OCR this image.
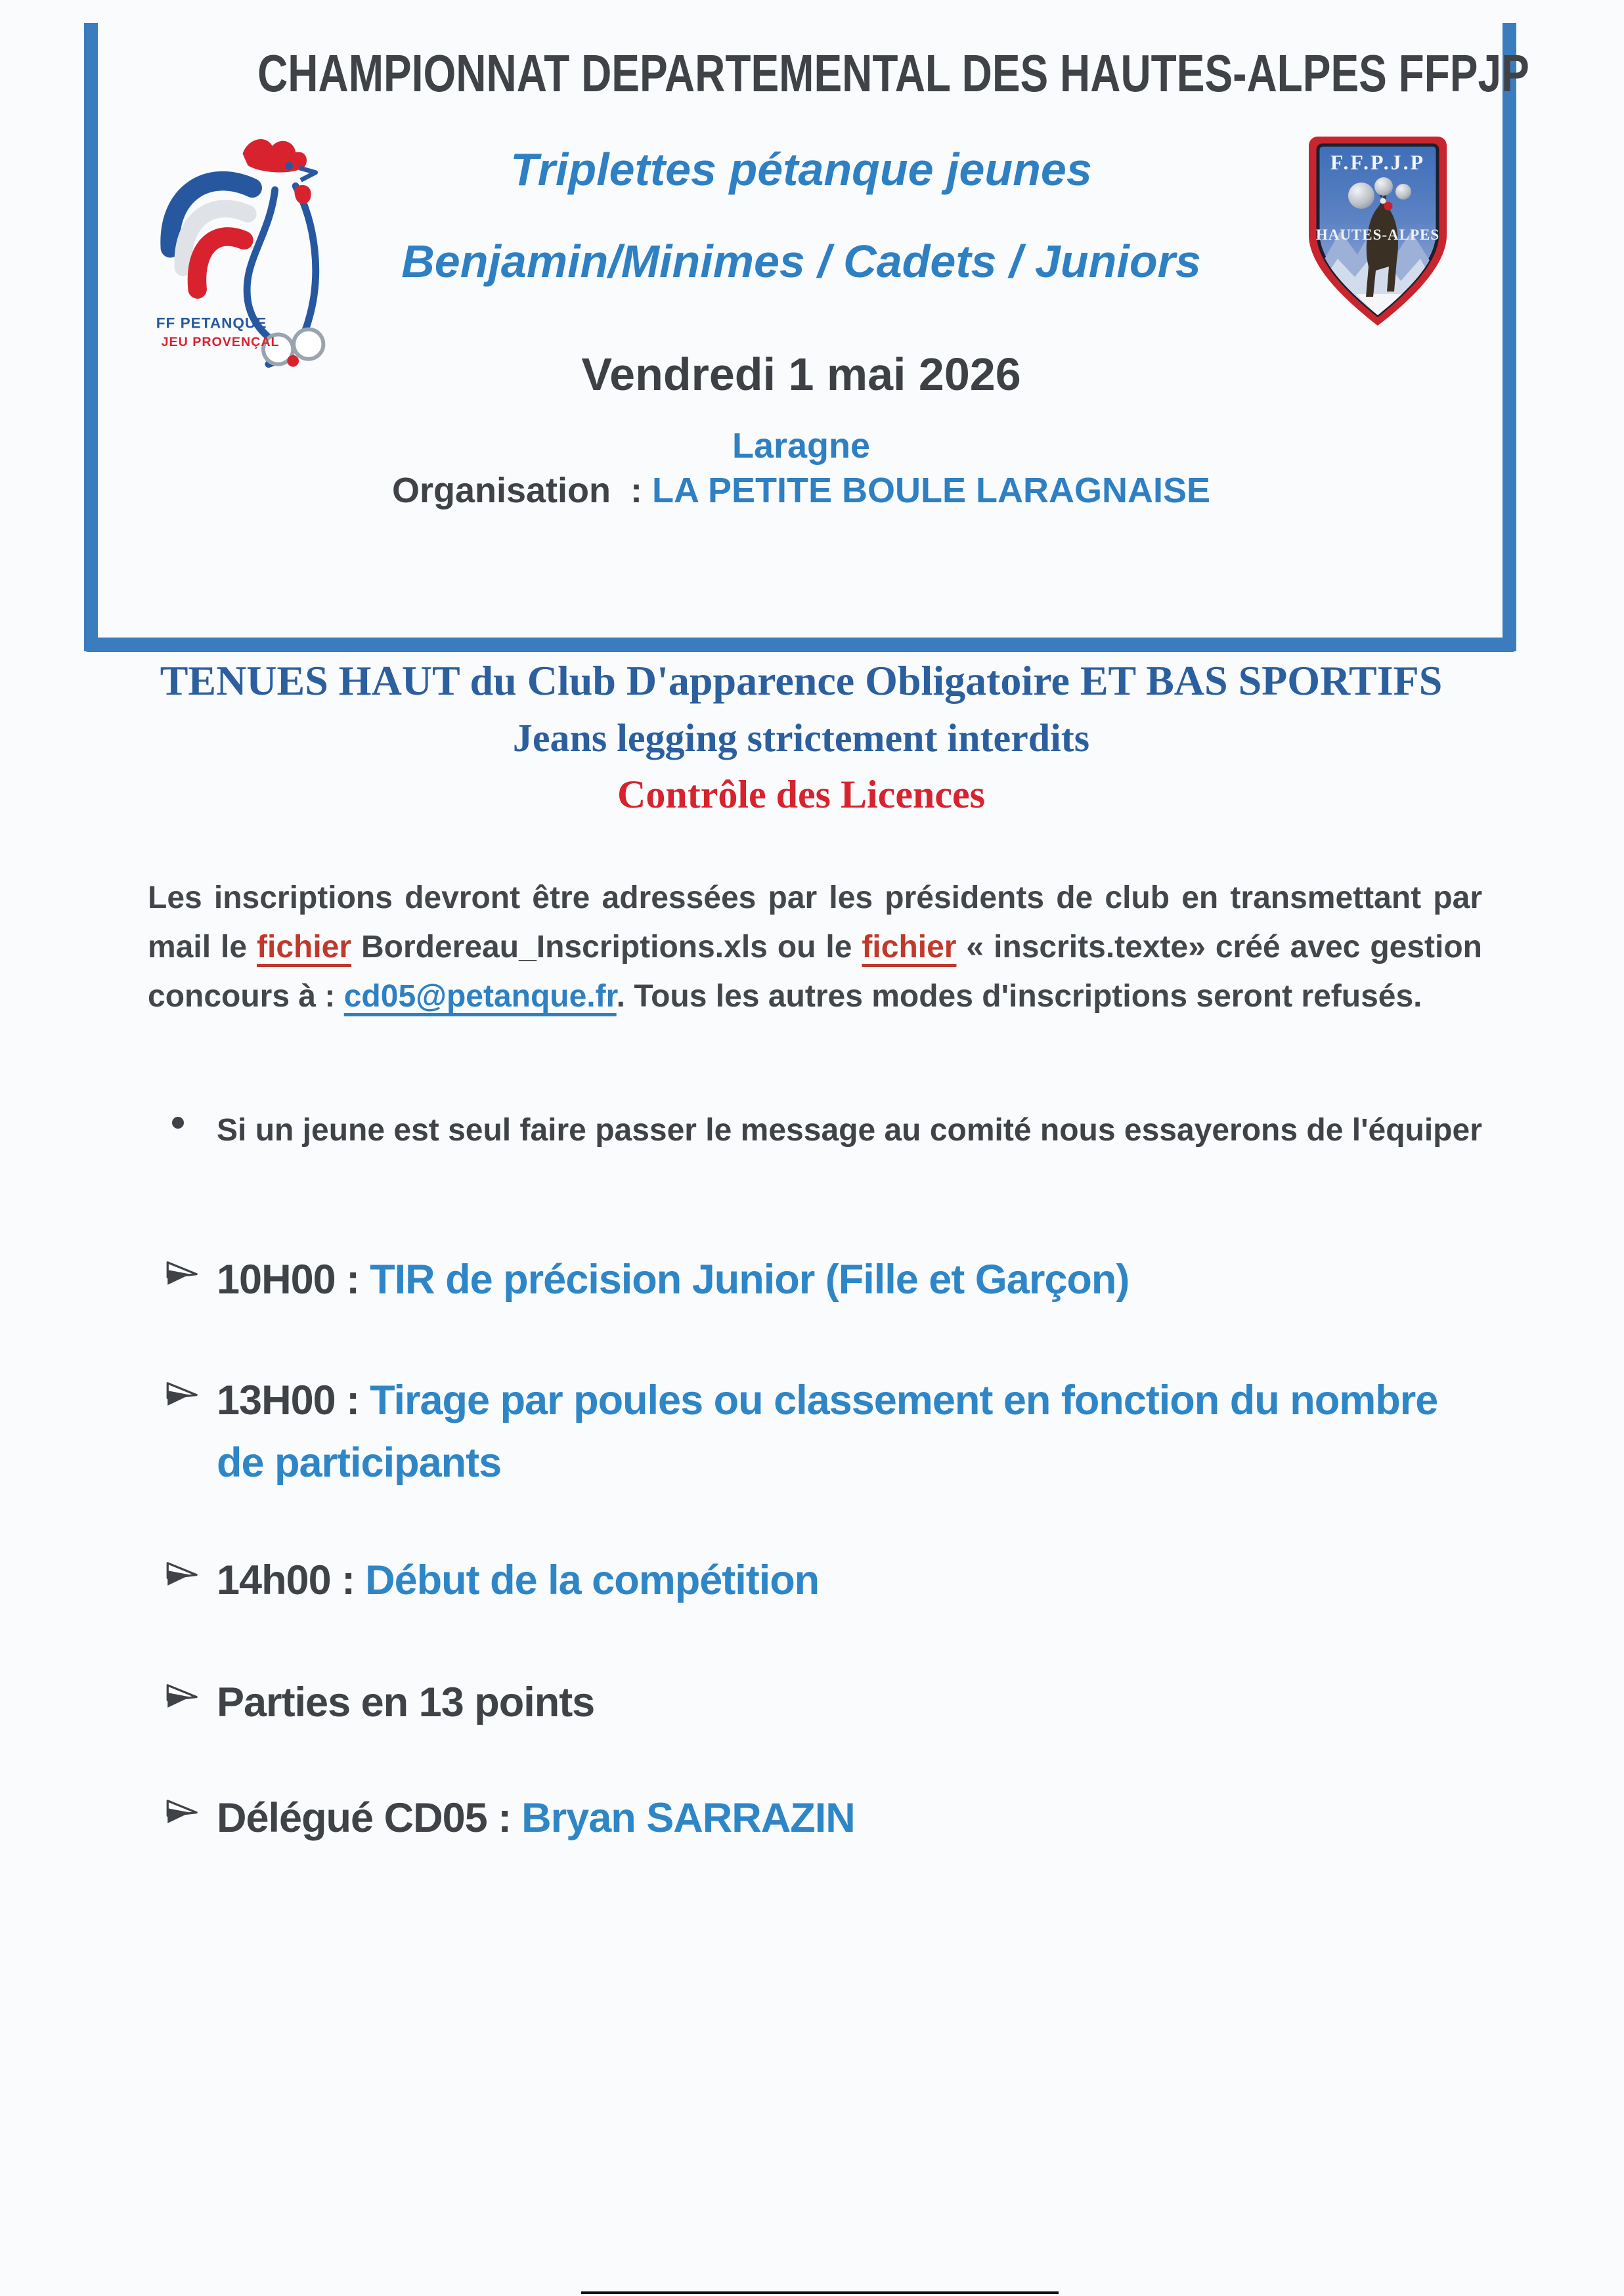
CHAMPIONNAT DEPARTEMENTAL DES HAUTES-ALPES FFPJP
FF PETANQUE
JEU PROVENÇAL
F.F.P.J.P
HAUTES-ALPES
Triplettes pétanque jeunes
Benjamin/Minimes / Cadets / Juniors
Vendredi 1 mai 2026
Laragne
Organisation  : LA PETITE BOULE LARAGNAISE
TENUES HAUT du Club D'apparence Obligatoire ET BAS SPORTIFS
Jeans legging strictement interdits
Contrôle des Licences
Les inscriptions devront être adressées par les présidents de club en transmettant par mail le fichier Bordereau_Inscriptions.xls ou le fichier « inscrits.texte» créé avec gestion concours à : cd05@petanque.fr. Tous les autres modes d'inscriptions seront refusés.
Si un jeune est seul faire passer le message au comité nous essayerons de l'équiper
10H00 : TIR de précision Junior (Fille et Garçon)
13H00 : Tirage par poules ou classement en fonction du nombre
de participants
14h00 : Début de la compétition
Parties en 13 points
Délégué CD05 : Bryan SARRAZIN
